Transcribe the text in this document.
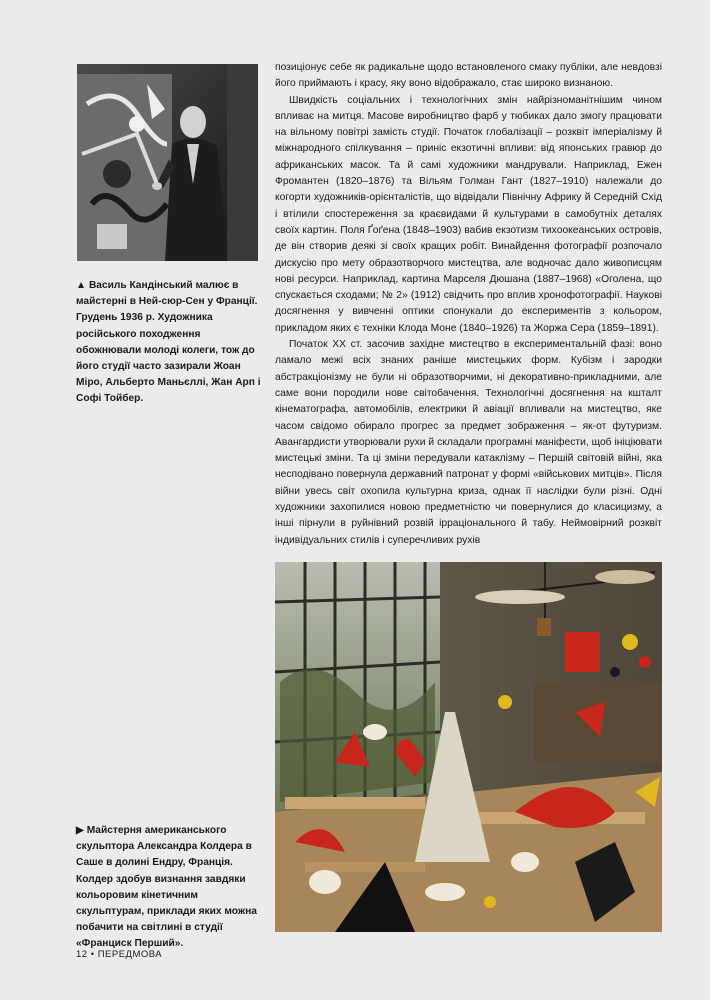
▲ Василь Кандінський малює в майстерні в Ней-сюр-Сен у Франції. Грудень 1936 р. Художника російського походження обожнювали молоді колеги, тож до його студії часто зазирали Жоан Міро, Альберто Маньєллі, Жан Арп і Софі Тойбер.

позиціонує себе як радикальне щодо встановленого смаку публіки, але невдовзі його приймають і красу, яку воно відображало, стає широко визнаною.

Швидкість соціальних і технологічних змін найрізноманітнішим чином впливає на митця. Масове виробництво фарб у тюбиках дало змогу працювати на вільному повітрі замість студії. Початок глобалізації – розквіт імперіалізму й міжнародного спілкування – приніс екзотичні впливи: від японських гравюр до африканських масок. Та й самі художники мандрували. Наприклад, Ежен Фромантен (1820–1876) та Вільям Голман Гант (1827–1910) належали до когорти художників-орієнталістів, що відвідали Північну Африку й Середній Схід і втілили спостереження за краєвидами й культурами в самобутніх деталях своїх картин. Поля Ґоґена (1848–1903) вабив екзотизм тихоокеанських островів, де він створив деякі зі своїх кращих робіт. Винайдення фотографії розпочало дискусію про мету образотворчого мистецтва, але водночас дало живописцям нові ресурси. Наприклад, картина Марселя Дюшана (1887–1968) «Оголена, що спускається сходами; № 2» (1912) свідчить про вплив хронофотографії. Наукові досягнення у вивченні оптики спонукали до експериментів з кольором, прикладом яких є техніки Клода Моне (1840–1926) та Жоржа Сера (1859–1891).

Початок ХХ ст. засочив західне мистецтво в експериментальній фазі: воно ламало межі всіх знаних раніше мистецьких форм. Кубізм і зародки абстракціонізму не були ні образотворчими, ні декоративно-прикладними, але саме вони породили нове світобачення. Технологічні досягнення на кшталт кінематографа, автомобілів, електрики й авіації впливали на мистецтво, яке часом свідомо обирало прогрес за предмет зображення – як-от футуризм. Авангардисти утворювали рухи й складали програмні маніфести, щоб ініціювати мистецькі зміни. Та ці зміни передували катаклізму – Першій світовій війні, яка несподівано повернула державний патронат у формі «військових митців». Після війни увесь світ охопила культурна криза, однак її наслідки були різні. Одні художники захопилися новою предметністю чи повернулися до класицизму, а інші пірнули в руйнівний розвій ірраціонального й табу. Неймовірний розквіт індивідуальних стилів і суперечливих рухів

▶ Майстерня американського скульптора Александра Колдера в Саше в долині Ендру, Франція. Колдер здобув визнання завдяки кольоровим кінетичним скульптурам, приклади яких можна побачити на світлині в студії «Франциск Перший».
12 • ПЕРЕДМОВА
